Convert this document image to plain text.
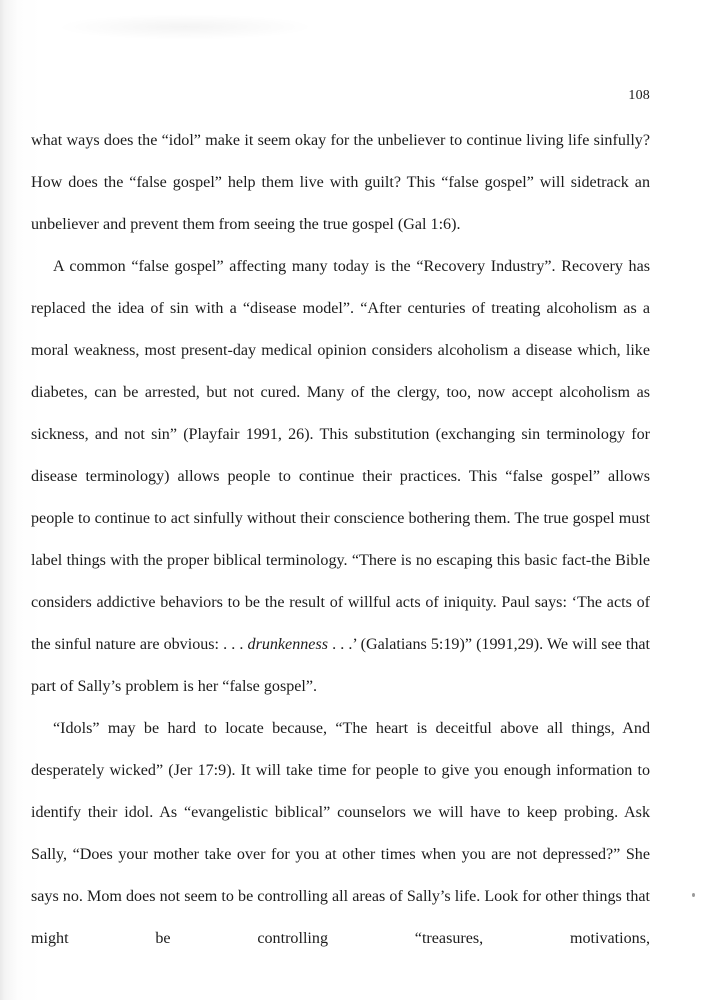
108

what ways does the “idol” make it seem okay for the unbeliever to continue living life sinfully? How does the “false gospel” help them live with guilt? This “false gospel” will sidetrack an unbeliever and prevent them from seeing the true gospel (Gal 1:6).

A common “false gospel” affecting many today is the “Recovery Industry”. Recovery has replaced the idea of sin with a “disease model”. “After centuries of treating alcoholism as a moral weakness, most present-day medical opinion considers alcoholism a disease which, like diabetes, can be arrested, but not cured. Many of the clergy, too, now accept alcoholism as sickness, and not sin” (Playfair 1991, 26). This substitution (exchanging sin terminology for disease terminology) allows people to continue their practices. This “false gospel” allows people to continue to act sinfully without their conscience bothering them. The true gospel must label things with the proper biblical terminology. “There is no escaping this basic fact-the Bible considers addictive behaviors to be the result of willful acts of iniquity. Paul says: ‘The acts of the sinful nature are obvious: . . . drunkenness . . .’ (Galatians 5:19)” (1991,29). We will see that part of Sally’s problem is her “false gospel”.

“Idols” may be hard to locate because, “The heart is deceitful above all things, And desperately wicked” (Jer 17:9). It will take time for people to give you enough information to identify their idol. As “evangelistic biblical” counselors we will have to keep probing. Ask Sally, “Does your mother take over for you at other times when you are not depressed?” She says no. Mom does not seem to be controlling all areas of Sally’s life. Look for other things that might be controlling “treasures, motivations,
